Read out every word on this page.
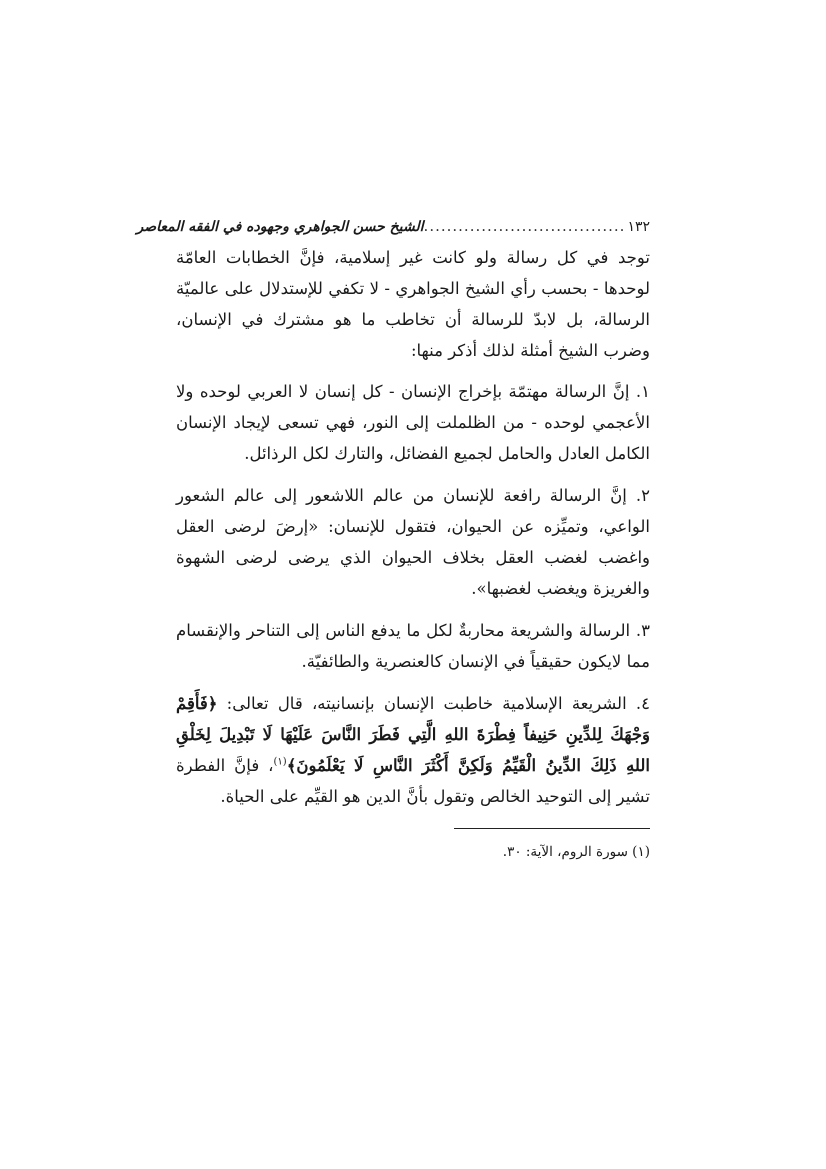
١٣٢
...................................
الشيخ حسن الجواهري وجهوده في الفقه المعاصر

توجد في كل رسالة ولو كانت غير إسلامية، فإنَّ الخطابات العامّة لوحدها - بحسب رأي الشيخ الجواهري - لا تكفي للإستدلال على عالميّة الرسالة، بل لابدّ للرسالة أن تخاطب ما هو مشترك في الإنسان، وضرب الشيخ أمثلة لذلك أذكر منها:

١. إنَّ الرسالة مهتمّة بإخراج الإنسان - كل إنسان لا العربي لوحده ولا الأعجمي لوحده - من الظلملت إلى النور، فهي تسعى لإيجاد الإنسان الكامل العادل والحامل لجميع الفضائل، والتارك لكل الرذائل.

٢. إنَّ الرسالة رافعة للإنسان من عالم اللاشعور إلى عالم الشعور الواعي، وتميِّزه عن الحيوان، فتقول للإنسان: «إرضَ لرضى العقل واغضب لغضب العقل بخلاف الحيوان الذي يرضى لرضى الشهوة والغريزة ويغضب لغضبها».

٣. الرسالة والشريعة محاربةٌ لكل ما يدفع الناس إلى التناحر والإنقسام مما لايكون حقيقياً في الإنسان كالعنصرية والطائفيّة.

٤. الشريعة الإسلامية خاطبت الإنسان بإنسانيته، قال تعالى: ﴿فَأَقِمْ وَجْهَكَ لِلدِّينِ حَنِيفاً فِطْرَةَ اللهِ الَّتِي فَطَرَ النَّاسَ عَلَيْهَا لَا تَبْدِيلَ لِخَلْقِ اللهِ ذَلِكَ الدِّينُ الْقَيِّمُ وَلَكِنَّ أَكْثَرَ النَّاسِ لَا يَعْلَمُونَ﴾$^{(١)}$، فإنَّ الفطرة تشير إلى التوحيد الخالص وتقول بأنَّ الدين هو القيِّم على الحياة.

(١) سورة الروم، الآية: ٣٠.
